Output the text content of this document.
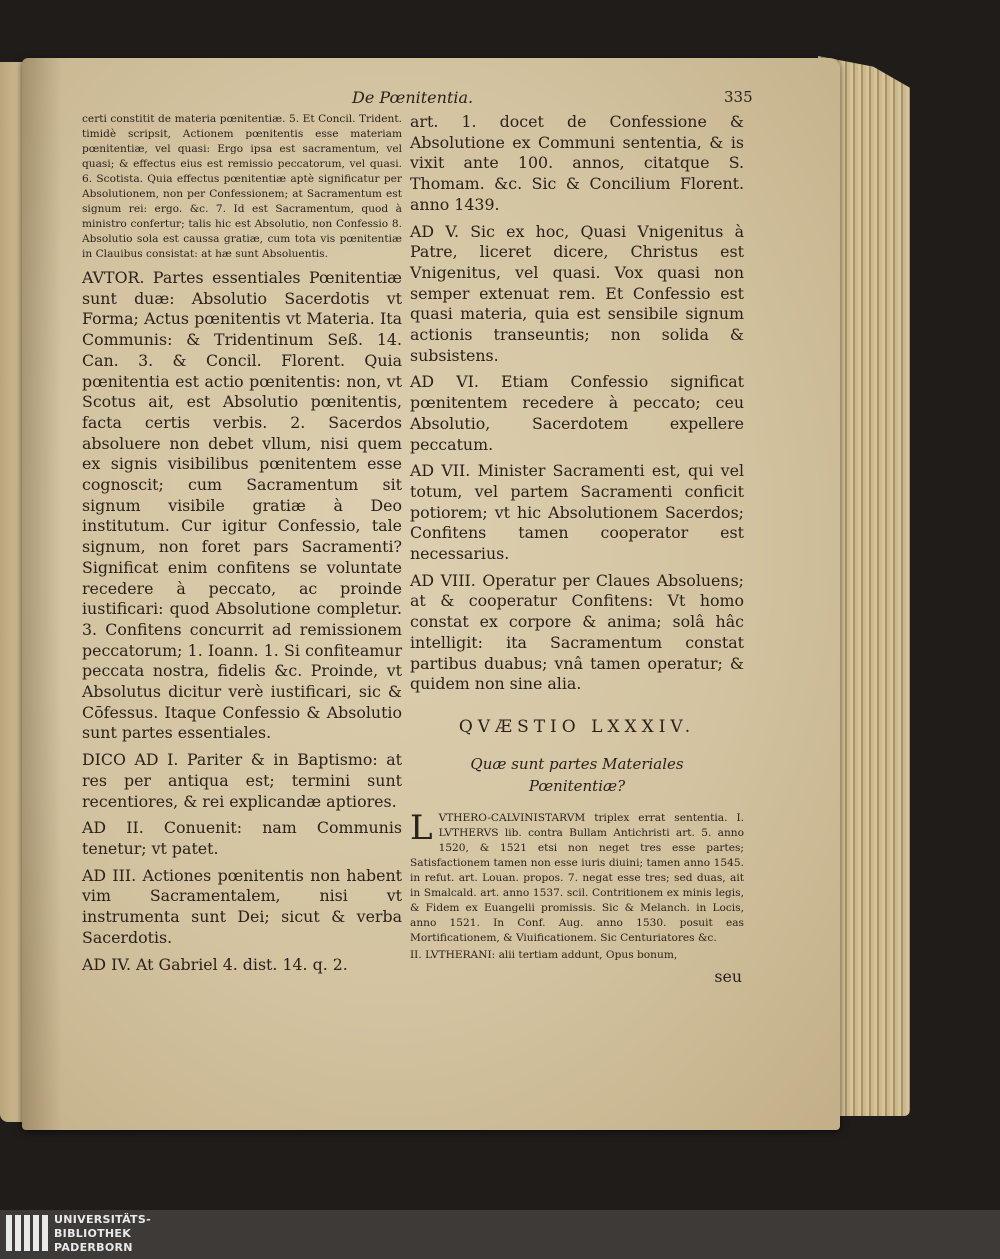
De Pœnitentia.	335

certi constitit de materia pœnitentiæ. 5. Et Concil. Trident. timidè scripsit, Actionem pœnitentis esse materiam pœnitentiæ, vel quasi: Ergo ipsa est sacramentum, vel quasi; & effectus eius est remissio peccatorum, vel quasi. 6. Scotista. Quia effectus pœnitentiæ aptè significatur per Absolutionem, non per Confessionem; at Sacramentum est signum rei: ergo. &c. 7. Id est Sacramentum, quod à ministro confertur; talis hic est Absolutio, non Confessio 8. Absolutio sola est caussa gratiæ, cum tota vis pœnitentiæ in Clauibus consistat: at hæ sunt Absoluentis.

AVTOR. Partes essentiales Pœnitentiæ sunt duæ: Absolutio Sacerdotis vt Forma; Actus pœnitentis vt Materia. Ita Communis: & Tridentinum Seß. 14. Can. 3. & Concil. Florent. Quia pœnitentia est actio pœnitentis: non, vt Scotus ait, est Absolutio pœnitentis, facta certis verbis. 2. Sacerdos absoluere non debet vllum, nisi quem ex signis visibilibus pœnitentem esse cognoscit; cum Sacramentum sit signum visibile gratiæ à Deo institutum. Cur igitur Confessio, tale signum, non foret pars Sacramenti? Significat enim confitens se voluntate recedere à peccato, ac proinde iustificari: quod Absolutione completur. 3. Confitens concurrit ad remissionem peccatorum; 1. Ioann. 1. Si confiteamur peccata nostra, fidelis &c. Proinde, vt Absolutus dicitur verè iustificari, sic & Cōfessus. Itaque Confessio & Absolutio sunt partes essentiales.

DICO AD I. Pariter & in Baptismo: at res per antiqua est; termini sunt recentiores, & rei explicandæ aptiores.

AD II. Conuenit: nam Communis tenetur; vt patet.

AD III. Actiones pœnitentis non habent vim Sacramentalem, nisi vt instrumenta sunt Dei; sicut & verba Sacerdotis.

AD IV. At Gabriel 4. dist. 14. q. 2.

art. 1. docet de Confessione & Absolutione ex Communi sententia, & is vixit ante 100. annos, citatque S. Thomam. &c. Sic & Concilium Florent. anno 1439.

AD V. Sic ex hoc, Quasi Vnigenitus à Patre, liceret dicere, Christus est Vnigenitus, vel quasi. Vox quasi non semper extenuat rem. Et Confessio est quasi materia, quia est sensibile signum actionis transeuntis; non solida & subsistens.

AD VI. Etiam Confessio significat pœnitentem recedere à peccato; ceu Absolutio, Sacerdotem expellere peccatum.

AD VII. Minister Sacramenti est, qui vel totum, vel partem Sacramenti conficit potiorem; vt hic Absolutionem Sacerdos; Confitens tamen cooperator est necessarius.

AD VIII. Operatur per Claues Absoluens; at & cooperatur Confitens: Vt homo constat ex corpore & anima; solâ hâc intelligit: ita Sacramentum constat partibus duabus; vnâ tamen operatur; & quidem non sine alia.

QVÆSTIO LXXXIV.

Quæ sunt partes Materiales Pœnitentiæ?

LVTHERO-CALVINISTARVM triplex errat sententia. I. LVTHERVS lib. contra Bullam Antichristi art. 5. anno 1520, & 1521 etsi non neget tres esse partes; Satisfactionem tamen non esse iuris diuini; tamen anno 1545. in refut. art. Louan. propos. 7. negat esse tres; sed duas, ait in Smalcald. art. anno 1537. scil. Contritionem ex minis legis, & Fidem ex Euangelii promissis. Sic & Melanch. in Locis, anno 1521. In Conf. Aug. anno 1530. posuit eas Mortificationem, & Viuificationem. Sic Centuriatores &c.

II. LVTHERANI: alii tertiam addunt, Opus bonum,

seu

UNIVERSITÄTS-
BIBLIOTHEK
PADERBORN
